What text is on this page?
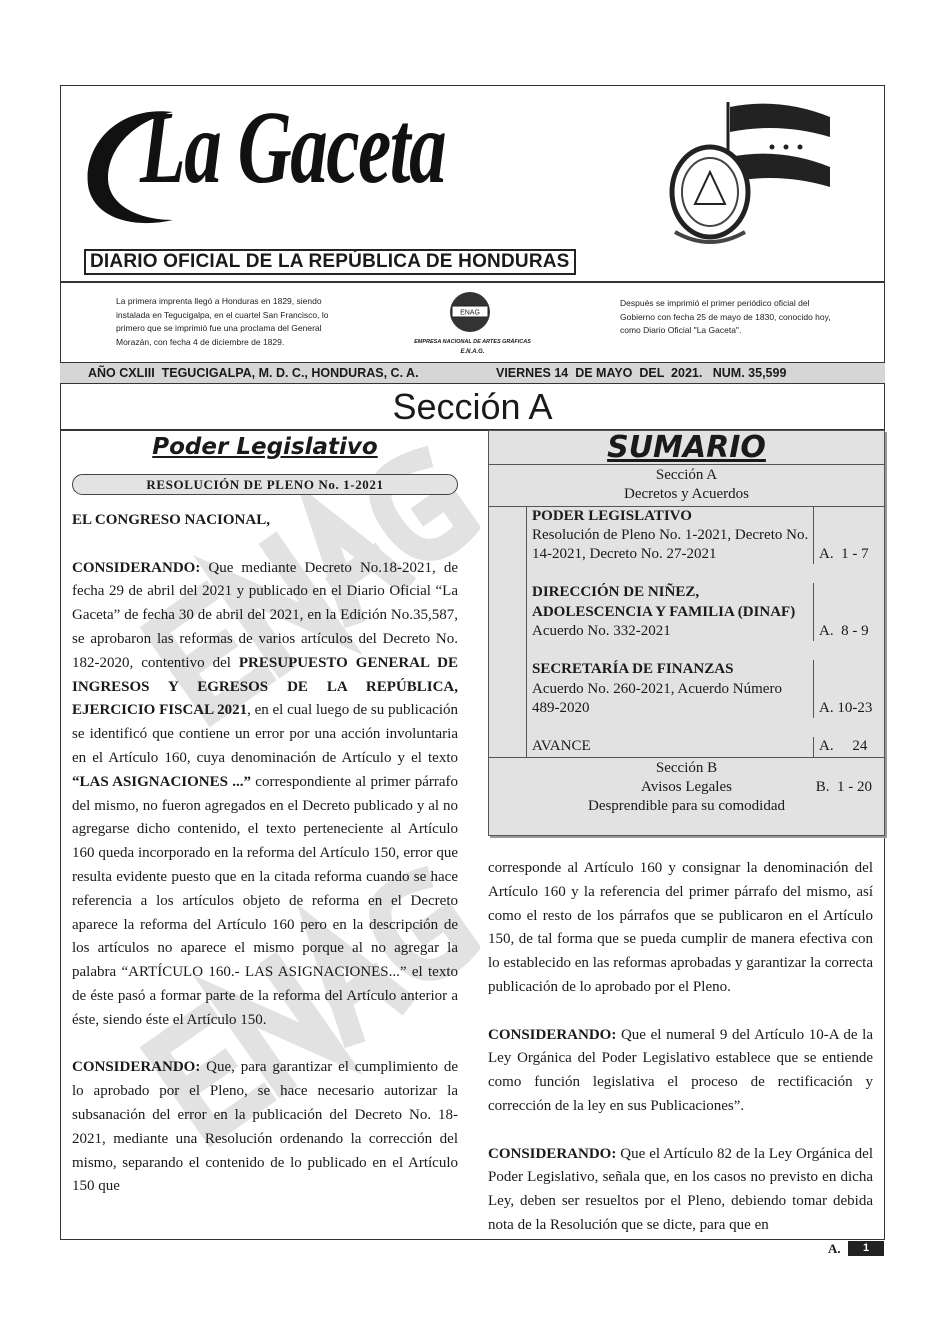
La Gaceta
DIARIO OFICIAL DE LA REPÚBLICA DE HONDURAS
La primera imprenta llegó a Honduras en 1829, siendo instalada en Tegucigalpa, en el cuartel San Francisco, lo primero que se imprimió fue una proclama del General Morazán, con fecha 4 de diciembre de 1829.
ENAG
EMPRESA NACIONAL DE ARTES GRÁFICAS
E.N.A.G.
Después se imprimió el primer periódico oficial del Gobierno con fecha 25 de mayo de 1830, conocido hoy, como Diario Oficial "La Gaceta".
AÑO CXLIII  TEGUCIGALPA, M. D. C., HONDURAS, C. A.	VIERNES 14  DE MAYO  DEL  2021.   NUM. 35,599
Sección A
Poder Legislativo
RESOLUCIÓN DE PLENO No. 1-2021

EL CONGRESO NACIONAL,

CONSIDERANDO: Que mediante Decreto No.18-2021, de fecha 29 de abril del 2021 y publicado en el Diario Oficial “La Gaceta” de fecha 30 de abril del 2021, en la Edición No.35,587, se aprobaron las reformas de varios artículos del Decreto No. 182-2020, contentivo del PRESUPUESTO GENERAL DE INGRESOS Y EGRESOS DE LA REPÚBLICA, EJERCICIO FISCAL 2021, en el cual luego de su publicación se identificó que contiene un error por una acción involuntaria en el Artículo 160, cuya denominación de Artículo y el texto “LAS ASIGNACIONES ...” correspondiente al primer párrafo del mismo, no fueron agregados en el Decreto publicado y al no agregarse dicho contenido, el texto perteneciente al Artículo 160 queda incorporado en la reforma del Artículo 150, error que resulta evidente puesto que en la citada reforma cuando se hace referencia a los artículos objeto de reforma en el Decreto aparece la reforma del Artículo 160 pero en la descripción de los artículos no aparece el mismo porque al no agregar la palabra “ARTÍCULO 160.- LAS ASIGNACIONES...” el texto de éste pasó a formar parte de la reforma del Artículo anterior a éste, siendo éste el Artículo 150.

CONSIDERANDO: Que, para garantizar el cumplimiento de lo aprobado por el Pleno, se hace necesario autorizar la subsanación del error en la publicación del Decreto No. 18-2021, mediante una Resolución ordenando la corrección del mismo, separando el contenido de lo publicado en el Artículo 150 que

SUMARIO
Sección A
Decretos y Acuerdos
PODER LEGISLATIVO
Resolución de Pleno No. 1-2021, Decreto No. 14-2021, Decreto No. 27-2021	A.  1 - 7
DIRECCIÓN DE NIÑEZ, ADOLESCENCIA Y FAMILIA (DINAF)
Acuerdo No. 332-2021	A.  8 - 9
SECRETARÍA DE FINANZAS
Acuerdo No. 260-2021, Acuerdo Número 489-2020	A. 10-23
AVANCE	A.     24
Sección B
Avisos Legales	B.  1 - 20
Desprendible para su comodidad

corresponde al Artículo 160 y consignar la denominación del Artículo 160 y la referencia del primer párrafo del mismo, así como el resto de los párrafos que se publicaron en el Artículo 150, de tal forma que se pueda cumplir de manera efectiva con lo establecido en las reformas aprobadas y garantizar la correcta publicación de lo aprobado por el Pleno.

CONSIDERANDO: Que el numeral 9 del Artículo 10-A de la Ley Orgánica del Poder Legislativo establece que se entiende como función legislativa el proceso de rectificación y corrección de la ley en sus Publicaciones”.

CONSIDERANDO: Que el Artículo 82 de la Ley Orgánica del Poder Legislativo, señala que, en los casos no previsto en dicha Ley, deben ser resueltos por el Pleno, debiendo tomar debida nota de la Resolución que se dicte, para que en

A.	1
